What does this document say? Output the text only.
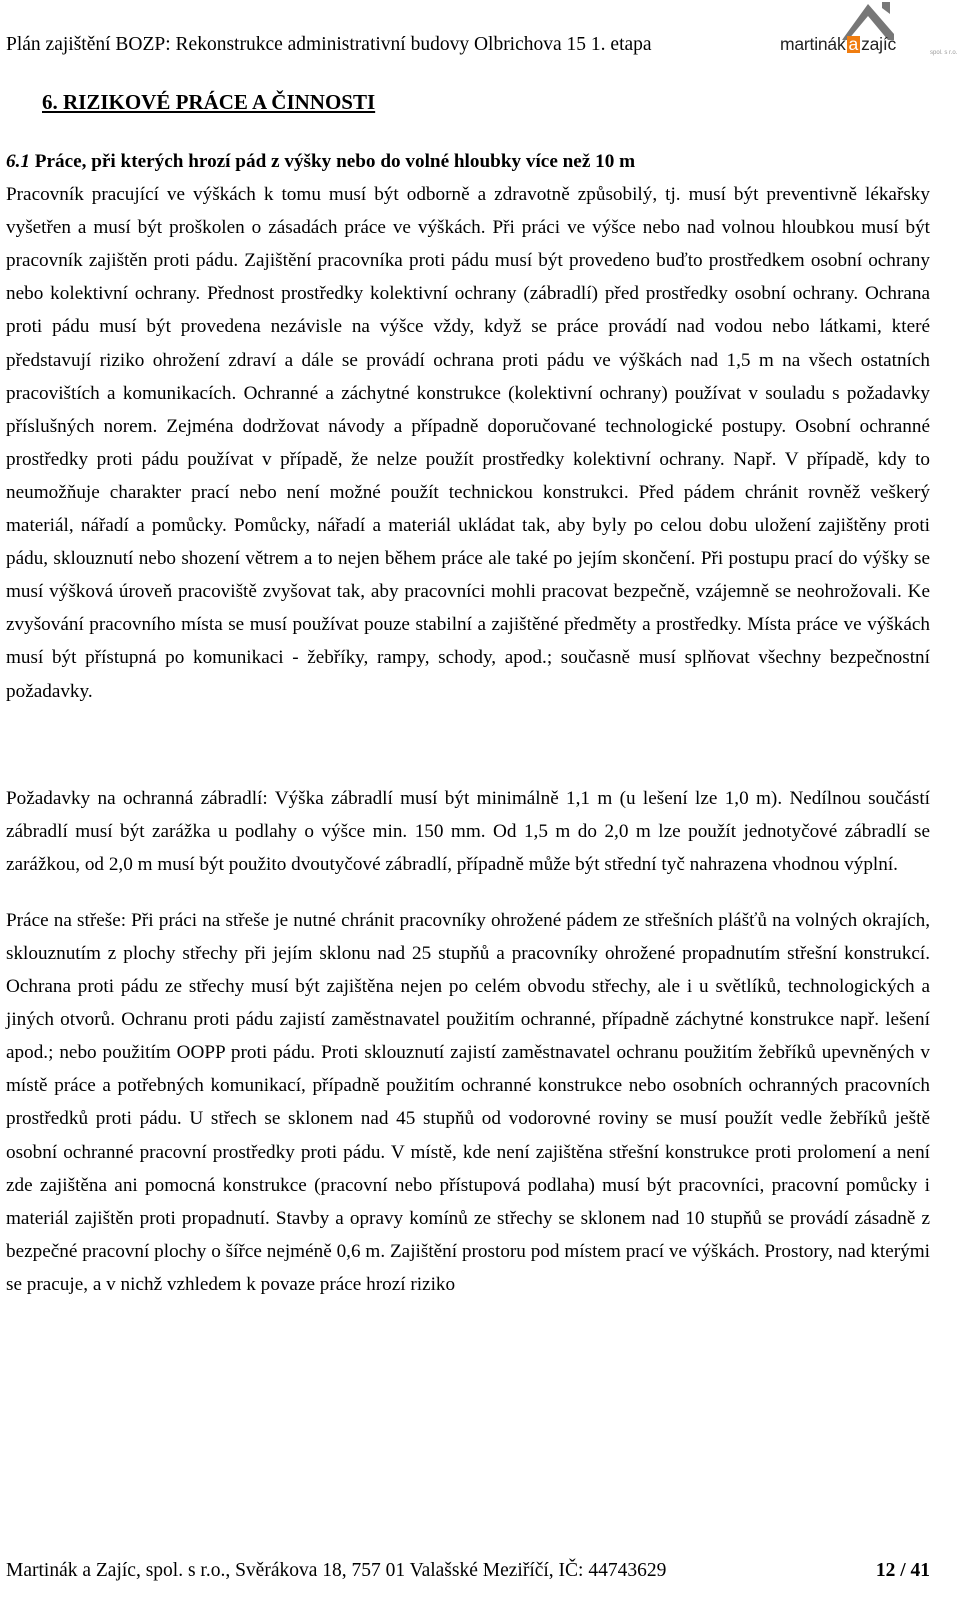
Plán zajištění BOZP: Rekonstrukce administrativní budovy Olbrichova 15 1. etapa	martinák a zajíc	spol. s r.o.
6. RIZIKOVÉ PRÁCE A ČINNOSTI
6.1 Práce, při kterých hrozí pád z výšky nebo do volné hloubky více než 10 m

Pracovník pracující ve výškách k tomu musí být odborně a zdravotně způsobilý, tj. musí být preventivně lékařsky vyšetřen a musí být proškolen o zásadách práce ve výškách. Při práci ve výšce nebo nad volnou hloubkou musí být pracovník zajištěn proti pádu. Zajištění pracovníka proti pádu musí být provedeno buďto prostředkem osobní ochrany nebo kolektivní ochrany. Přednost prostředky kolektivní ochrany (zábradlí) před prostředky osobní ochrany. Ochrana proti pádu musí být provedena nezávisle na výšce vždy, když se práce provádí nad vodou nebo látkami, které představují riziko ohrožení zdraví a dále se provádí ochrana proti pádu ve výškách nad 1,5 m na všech ostatních pracovištích a komunikacích. Ochranné a záchytné konstrukce (kolektivní ochrany) používat v souladu s požadavky příslušných norem. Zejména dodržovat návody a případně doporučované technologické postupy. Osobní ochranné prostředky proti pádu používat v případě, že nelze použít prostředky kolektivní ochrany. Např. V případě, kdy to neumožňuje charakter prací nebo není možné použít technickou konstrukci. Před pádem chránit rovněž veškerý materiál, nářadí a pomůcky. Pomůcky, nářadí a materiál ukládat tak, aby byly po celou dobu uložení zajištěny proti pádu, sklouznutí nebo shození větrem a to nejen během práce ale také po jejím skončení. Při postupu prací do výšky se musí výšková úroveň pracoviště zvyšovat tak, aby pracovníci mohli pracovat bezpečně, vzájemně se neohrožovali. Ke zvyšování pracovního místa se musí používat pouze stabilní a zajištěné předměty a prostředky. Místa práce ve výškách musí být přístupná po komunikaci - žebříky, rampy, schody, apod.; současně musí splňovat všechny bezpečnostní požadavky.

Požadavky na ochranná zábradlí: Výška zábradlí musí být minimálně 1,1 m (u lešení lze 1,0 m). Nedílnou součástí zábradlí musí být zarážka u podlahy o výšce min. 150 mm. Od 1,5 m do 2,0 m lze použít jednotyčové zábradlí se zarážkou, od 2,0 m musí být použito dvoutyčové zábradlí, případně může být střední tyč nahrazena vhodnou výplní.

Práce na střeše: Při práci na střeše je nutné chránit pracovníky ohrožené pádem ze střešních plášťů na volných okrajích, sklouznutím z plochy střechy při jejím sklonu nad 25 stupňů a pracovníky ohrožené propadnutím střešní konstrukcí. Ochrana proti pádu ze střechy musí být zajištěna nejen po celém obvodu střechy, ale i u světlíků, technologických a jiných otvorů. Ochranu proti pádu zajistí zaměstnavatel použitím ochranné, případně záchytné konstrukce např. lešení apod.; nebo použitím OOPP proti pádu. Proti sklouznutí zajistí zaměstnavatel ochranu použitím žebříků upevněných v místě práce a potřebných komunikací, případně použitím ochranné konstrukce nebo osobních ochranných pracovních prostředků proti pádu. U střech se sklonem nad 45 stupňů od vodorovné roviny se musí použít vedle žebříků ještě osobní ochranné pracovní prostředky proti pádu. V místě, kde není zajištěna střešní konstrukce proti prolomení a není zde zajištěna ani pomocná konstrukce (pracovní nebo přístupová podlaha) musí být pracovníci, pracovní pomůcky i materiál zajištěn proti propadnutí. Stavby a opravy komínů ze střechy se sklonem nad 10 stupňů se provádí zásadně z bezpečné pracovní plochy o šířce nejméně 0,6 m. Zajištění prostoru pod místem prací ve výškách. Prostory, nad kterými se pracuje, a v nichž vzhledem k povaze práce hrozí riziko

Martinák a Zajíc, spol. s r.o., Svěrákova 18, 757 01 Valašské Meziříčí, IČ: 44743629	12 / 41
